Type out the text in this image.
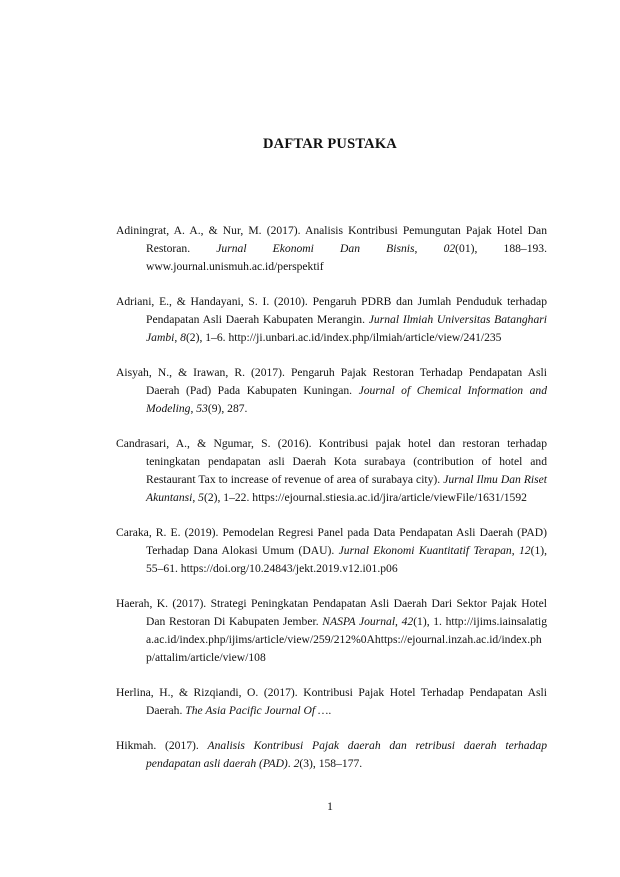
DAFTAR PUSTAKA

Adiningrat, A. A., & Nur, M. (2017). Analisis Kontribusi Pemungutan Pajak Hotel Dan Restoran. Jurnal Ekonomi Dan Bisnis, 02(01), 188–193. www.journal.unismuh.ac.id/perspektif

Adriani, E., & Handayani, S. I. (2010). Pengaruh PDRB dan Jumlah Penduduk terhadap Pendapatan Asli Daerah Kabupaten Merangin. Jurnal Ilmiah Universitas Batanghari Jambi, 8(2), 1–6. http://ji.unbari.ac.id/index.php/ilmiah/article/view/241/235

Aisyah, N., & Irawan, R. (2017). Pengaruh Pajak Restoran Terhadap Pendapatan Asli Daerah (Pad) Pada Kabupaten Kuningan. Journal of Chemical Information and Modeling, 53(9), 287.

Candrasari, A., & Ngumar, S. (2016). Kontribusi pajak hotel dan restoran terhadap teningkatan pendapatan asli Daerah Kota surabaya (contribution of hotel and Restaurant Tax to increase of revenue of area of surabaya city). Jurnal Ilmu Dan Riset Akuntansi, 5(2), 1–22. https://ejournal.stiesia.ac.id/jira/article/viewFile/1631/1592

Caraka, R. E. (2019). Pemodelan Regresi Panel pada Data Pendapatan Asli Daerah (PAD) Terhadap Dana Alokasi Umum (DAU). Jurnal Ekonomi Kuantitatif Terapan, 12(1), 55–61. https://doi.org/10.24843/jekt.2019.v12.i01.p06

Haerah, K. (2017). Strategi Peningkatan Pendapatan Asli Daerah Dari Sektor Pajak Hotel Dan Restoran Di Kabupaten Jember. NASPA Journal, 42(1), 1. http://ijims.iainsalatiga.ac.id/index.php/ijims/article/view/259/212%0Ahttps://ejournal.inzah.ac.id/index.php/attalim/article/view/108

Herlina, H., & Rizqiandi, O. (2017). Kontribusi Pajak Hotel Terhadap Pendapatan Asli Daerah. The Asia Pacific Journal Of ….

Hikmah. (2017). Analisis Kontribusi Pajak daerah dan retribusi daerah terhadap pendapatan asli daerah (PAD). 2(3), 158–177.

1
